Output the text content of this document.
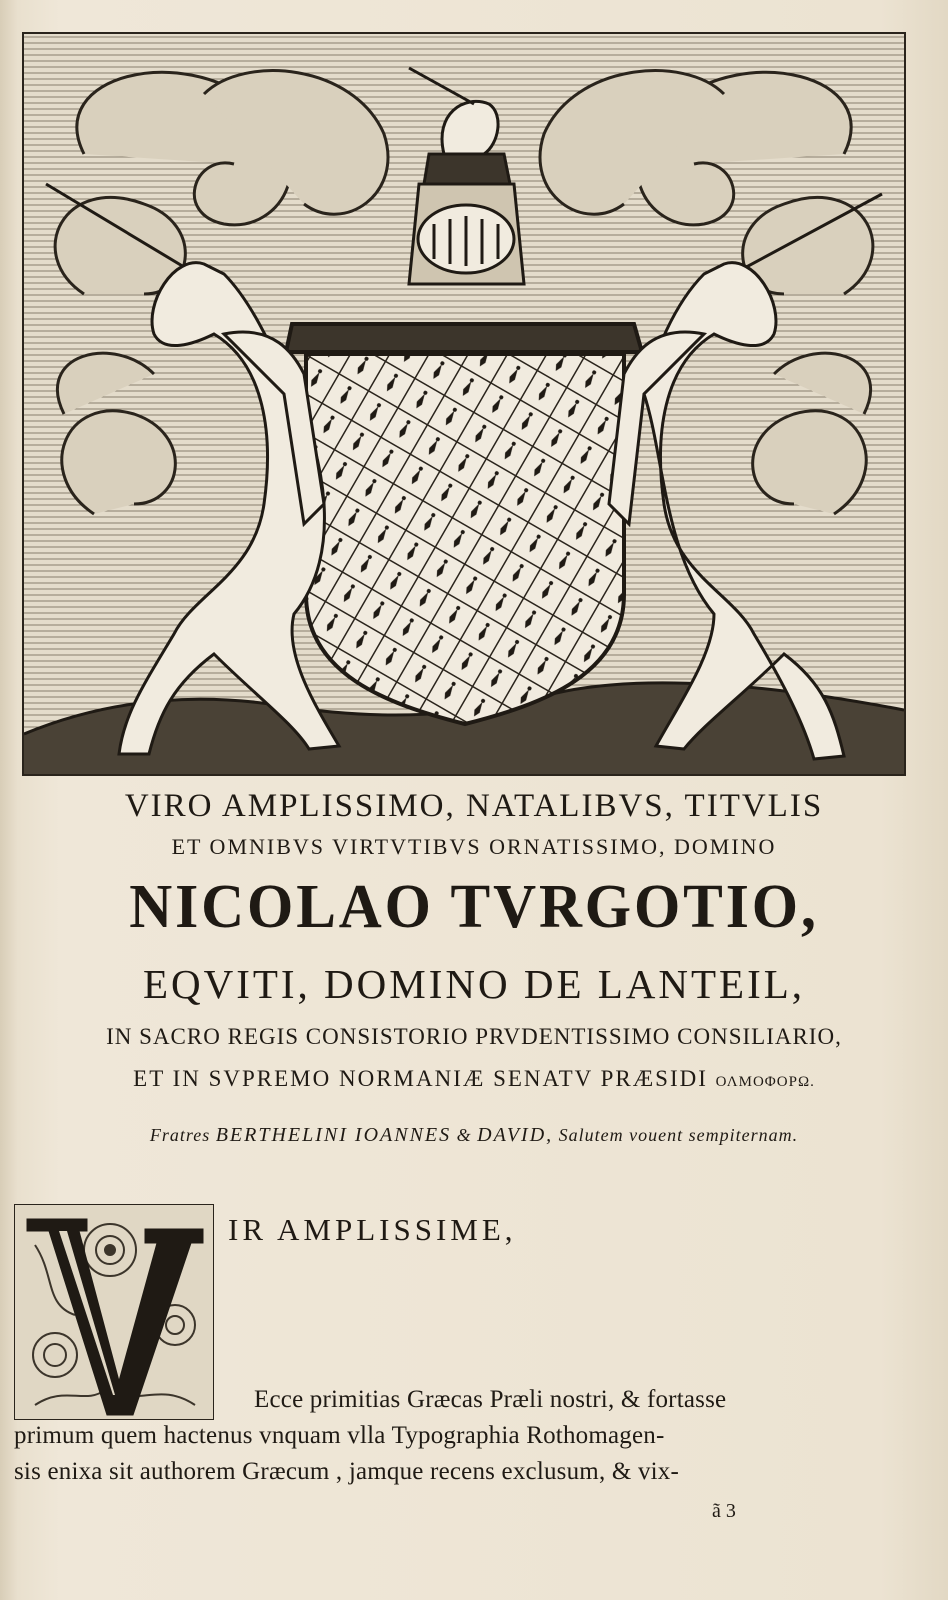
VIRO AMPLISSIMO, NATALIBVS, TITVLIS
ET OMNIBVS VIRTVTIBVS ORNATISSIMO, DOMINO
NICOLAO TVRGOTIO,
EQVITI, DOMINO DE LANTEIL,
IN SACRO REGIS CONSISTORIO PRVDENTISSIMO CONSILIARIO,
ET IN SVPREMO NORMANIÆ SENATV PRÆSIDI ΟΛΜΟΦΟΡΩ.
Fratres BERTHELINI IOANNES & DAVID, Salutem vouent sempiternam.
IR AMPLISSIME,
Ecce primitias Græcas Præli nostri, & fortasse
primum quem hactenus vnquam vlla Typographia Rothomagen-
sis enixa sit authorem Græcum , jamque recens exclusum, & vix-
ã 3
